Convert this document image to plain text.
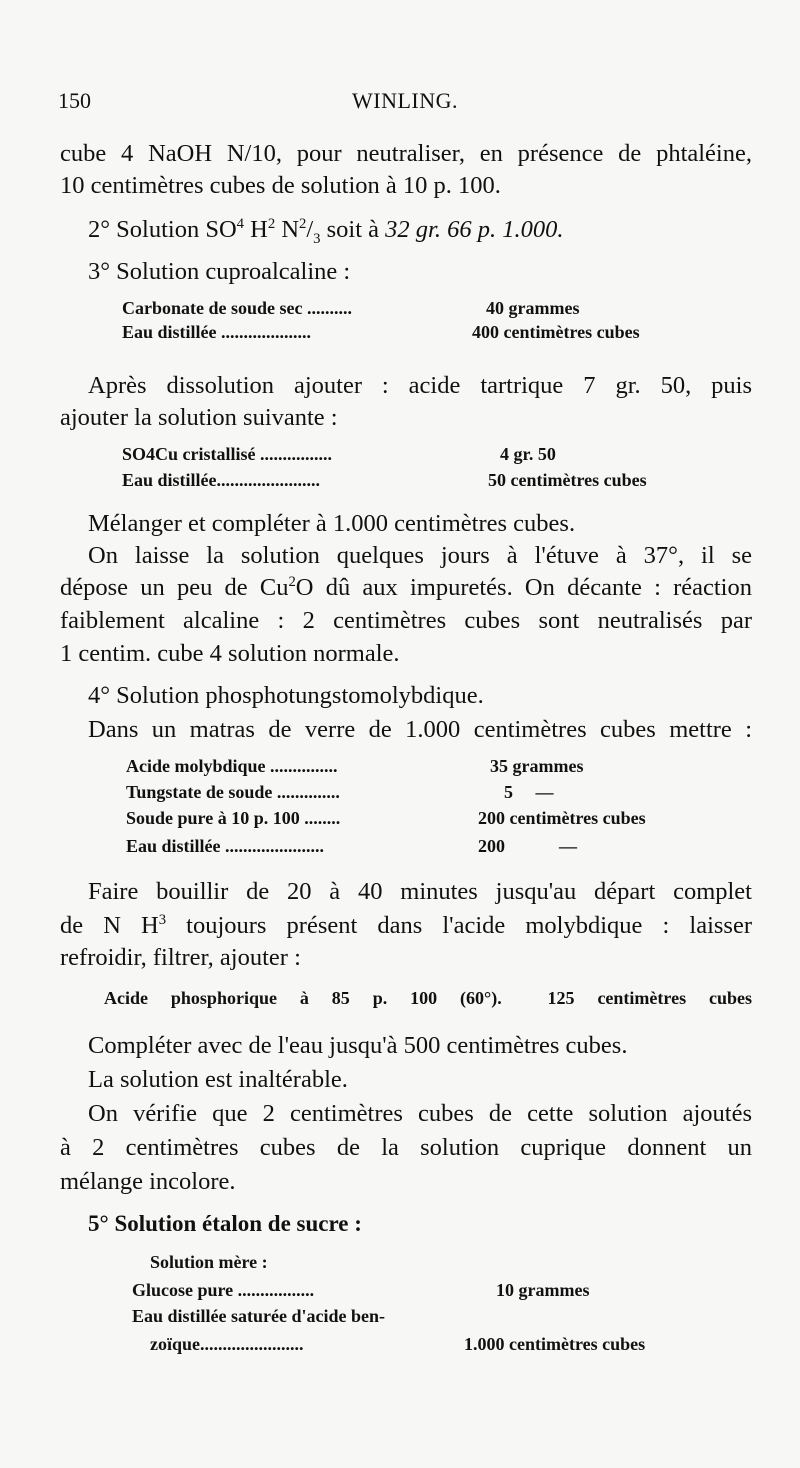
150	WINLING.
cube 4 NaOH N/10, pour neutraliser, en présence de phtaléine,
10 centimètres cubes de solution à 10 p. 100.
2° Solution $SO^4$ $H^2$ $N^2/_3$ soit à 32 gr. 66 p. 1.000.
3° Solution cuproalcaline :
Carbonate de soude sec ..........	40 grammes
Eau distillée ....................	400 centimètres cubes
Après dissolution ajouter : acide tartrique 7 gr. 50, puis
ajouter la solution suivante :
SO4Cu cristallisé ................	4 gr. 50
Eau distillée.......................	50 centimètres cubes
Mélanger et compléter à 1.000 centimètres cubes.
On laisse la solution quelques jours à l'étuve à 37°, il se
dépose un peu de Cu$^2$O dû aux impuretés. On décante : réaction
faiblement alcaline : 2 centimètres cubes sont neutralisés par
1 centim. cube 4 solution normale.
4° Solution phosphotungstomolybdique.
Dans un matras de verre de 1.000 centimètres cubes mettre :
Acide molybdique ...............	35 grammes
Tungstate de soude ..............	5     —
Soude pure à 10 p. 100 ........	200 centimètres cubes
Eau distillée ......................	200            —
Faire bouillir de 20 à 40 minutes jusqu'au départ complet
de N $H^3$ toujours présent dans l'acide molybdique : laisser
refroidir, filtrer, ajouter :
Acide phosphorique à 85 p. 100 (60°).  125 centimètres cubes
Compléter avec de l'eau jusqu'à 500 centimètres cubes.
La solution est inaltérable.
On vérifie que 2 centimètres cubes de cette solution ajoutés
à 2 centimètres cubes de la solution cuprique donnent un
mélange incolore.
5° Solution étalon de sucre :
Solution mère :
Glucose pure .................	10 grammes
Eau distillée saturée d'acide ben-
zoïque.......................	1.000 centimètres cubes
